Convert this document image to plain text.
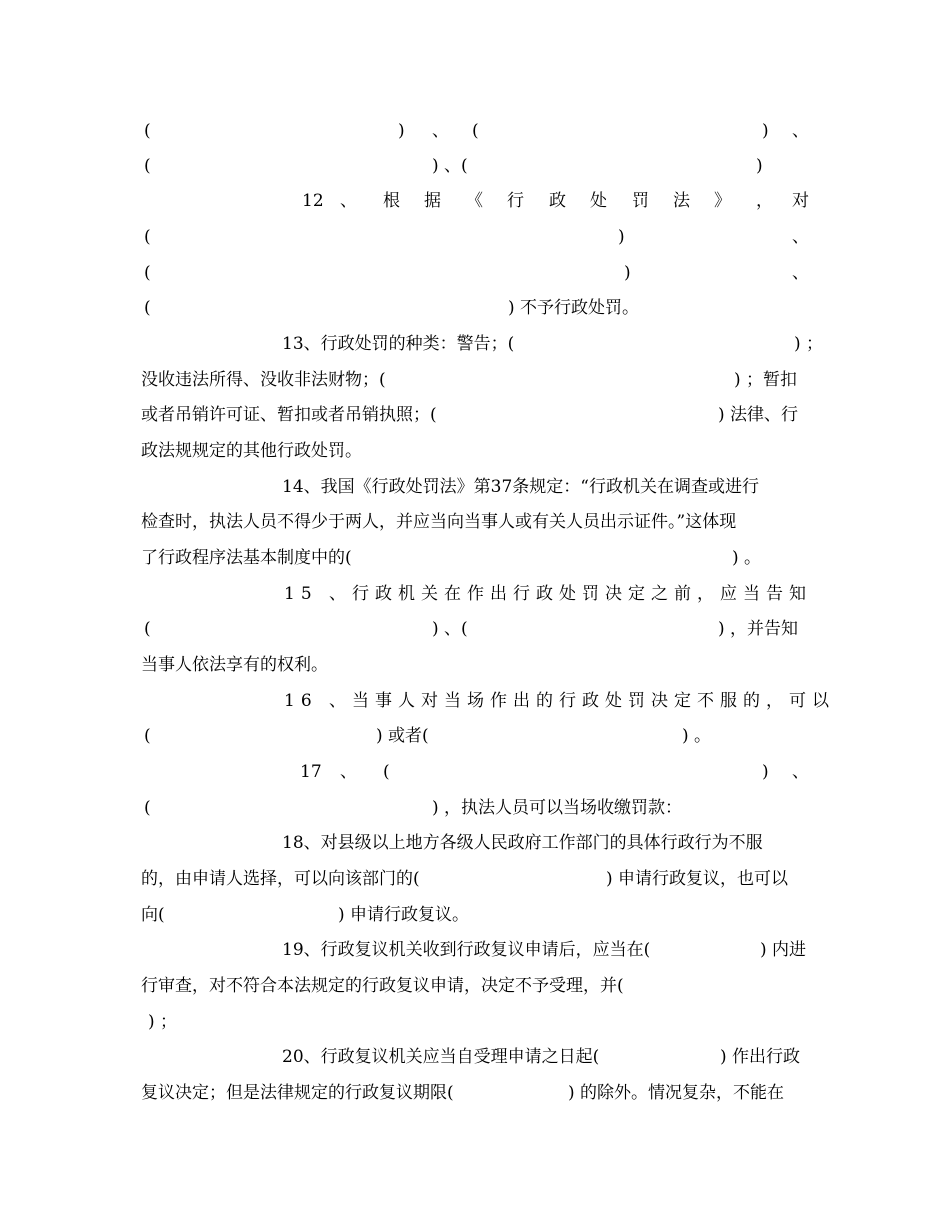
(	) 、 (	) 、
(	) 、(	)
12 、 根 据 《 行 政 处 罚 法 》 ， 对
(	)	、
(	)	、
(	) 不予行政处罚。
13、行政处罚的种类：警告；(	) ；
没收违法所得、没收非法财物；(	) ；暂扣
或者吊销许可证、暂扣或者吊销执照；(	) 法律、行

政法规规定的其他行政处罚。

14、我国《行政处罚法》第37条规定：“行政机关在调查或进行

检查时，执法人员不得少于两人，并应当向当事人或有关人员出示证件。”这体现

了行政程序法基本制度中的(	) 。
15 、行政机关在作出行政处罚决定之前，应当告知
(	) 、(	) ，并告知

当事人依法享有的权利。

16 、当事人对当场作出的行政处罚决定不服的，可以
(	) 或者(	) 。
17 、 (	) 、
(	) ，执法人员可以当场收缴罚款：

18、对县级以上地方各级人民政府工作部门的具体行政行为不服

的，由申请人选择，可以向该部门的(	) 申请行政复议，也可以
向(	) 申请行政复议。
19、行政复议机关收到行政复议申请后，应当在(	) 内进

行审查，对不符合本法规定的行政复议申请，决定不予受理，并(

) ；

20、行政复议机关应当自受理申请之日起(	) 作出行政
复议决定；但是法律规定的行政复议期限(	) 的除外。情况复杂，不能在
